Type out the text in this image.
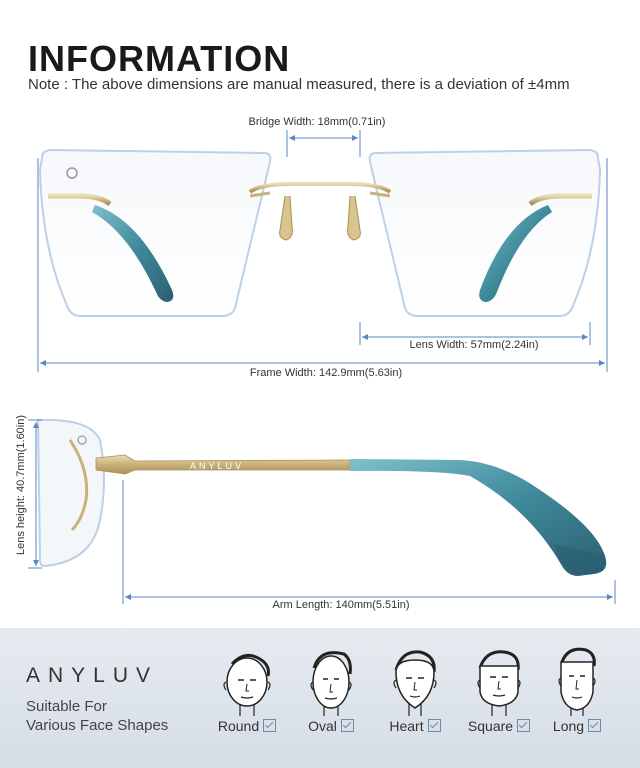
INFORMATION
Note : The above dimensions are manual measured, there is a deviation of ±4mm
ANYLUV
Bridge Width: 18mm(0.71in)
Lens Width: 57mm(2.24in)
Frame Width: 142.9mm(5.63in)
Lens height: 40.7mm(1.60in)
Arm Length: 140mm(5.51in)
ANYLUV
Suitable For
Various Face Shapes	Round	Oval	Heart	Square	Long
